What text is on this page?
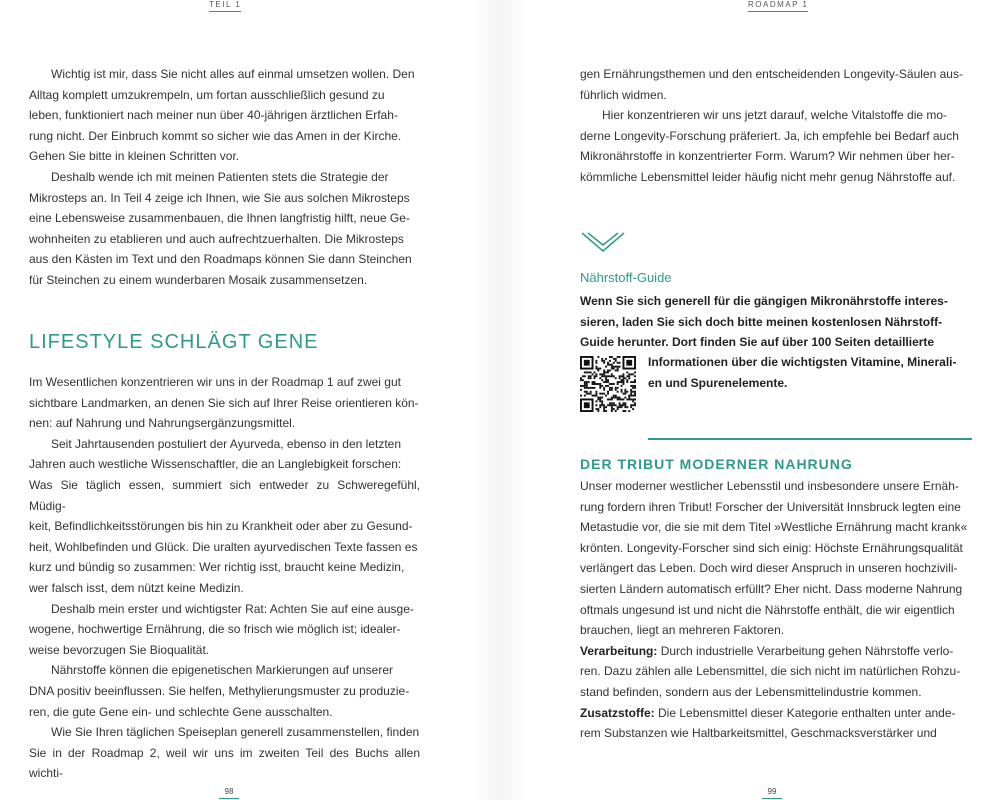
TEIL 1	ROADMAP 1

Wichtig ist mir, dass Sie nicht alles auf einmal umsetzen wollen. Den
Alltag komplett umzukrempeln, um fortan ausschließlich gesund zu
leben, funktioniert nach meiner nun über 40-jährigen ärztlichen Erfah-
rung nicht. Der Einbruch kommt so sicher wie das Amen in der Kirche.
Gehen Sie bitte in kleinen Schritten vor.

Deshalb wende ich mit meinen Patienten stets die Strategie der
Mikrosteps an. In Teil 4 zeige ich Ihnen, wie Sie aus solchen Mikrosteps
eine Lebensweise zusammenbauen, die Ihnen langfristig hilft, neue Ge-
wohnheiten zu etablieren und auch aufrechtzuerhalten. Die Mikrosteps
aus den Kästen im Text und den Roadmaps können Sie dann Steinchen
für Steinchen zu einem wunderbaren Mosaik zusammensetzen.

LIFESTYLE SCHLÄGT GENE

Im Wesentlichen konzentrieren wir uns in der Roadmap 1 auf zwei gut
sichtbare Landmarken, an denen Sie sich auf Ihrer Reise orientieren kön-
nen: auf Nahrung und Nahrungsergänzungsmittel.

Seit Jahrtausenden postuliert der Ayurveda, ebenso in den letzten
Jahren auch westliche Wissenschaftler, die an Langlebigkeit forschen:
Was Sie täglich essen, summiert sich entweder zu Schweregefühl, Müdig-
keit, Befindlichkeitsstörungen bis hin zu Krankheit oder aber zu Gesund-
heit, Wohlbefinden und Glück. Die uralten ayurvedischen Texte fassen es
kurz und bündig so zusammen: Wer richtig isst, braucht keine Medizin,
wer falsch isst, dem nützt keine Medizin.

Deshalb mein erster und wichtigster Rat: Achten Sie auf eine ausge-
wogene, hochwertige Ernährung, die so frisch wie möglich ist; idealer-
weise bevorzugen Sie Bioqualität.

Nährstoffe können die epigenetischen Markierungen auf unserer
DNA positiv beeinflussen. Sie helfen, Methylierungsmuster zu produzie-
ren, die gute Gene ein- und schlechte Gene ausschalten.

Wie Sie Ihren täglichen Speiseplan generell zusammenstellen, finden
Sie in der Roadmap 2, weil wir uns im zweiten Teil des Buchs allen wichti-

gen Ernährungsthemen und den entscheidenden Longevity-Säulen aus-
führlich widmen.

Hier konzentrieren wir uns jetzt darauf, welche Vitalstoffe die mo-
derne Longevity-Forschung präferiert. Ja, ich empfehle bei Bedarf auch
Mikronährstoffe in konzentrierter Form. Warum? Wir nehmen über her-
kömmliche Lebensmittel leider häufig nicht mehr genug Nährstoffe auf.

Nährstoff-Guide
Wenn Sie sich generell für die gängigen Mikronährstoffe interes-
sieren, laden Sie sich doch bitte meinen kostenlosen Nährstoff-
Guide herunter. Dort finden Sie auf über 100 Seiten detaillierte
Informationen über die wichtigsten Vitamine, Minerali-
en und Spurenelemente.
DER TRIBUT MODERNER NAHRUNG

Unser moderner westlicher Lebensstil und insbesondere unsere Ernäh-
rung fordern ihren Tribut! Forscher der Universität Innsbruck legten eine
Metastudie vor, die sie mit dem Titel »Westliche Ernährung macht krank«
krönten. Longevity-Forscher sind sich einig: Höchste Ernährungsqualität
verlängert das Leben. Doch wird dieser Anspruch in unseren hochzivili-
sierten Ländern automatisch erfüllt? Eher nicht. Dass moderne Nahrung
oftmals ungesund ist und nicht die Nährstoffe enthält, die wir eigentlich
brauchen, liegt an mehreren Faktoren.

Verarbeitung: Durch industrielle Verarbeitung gehen Nährstoffe verlo-
ren. Dazu zählen alle Lebensmittel, die sich nicht im natürlichen Rohzu-
stand befinden, sondern aus der Lebensmittelindustrie kommen.

Zusatzstoffe: Die Lebensmittel dieser Kategorie enthalten unter ande-
rem Substanzen wie Haltbarkeitsmittel, Geschmacksverstärker und

98	99
